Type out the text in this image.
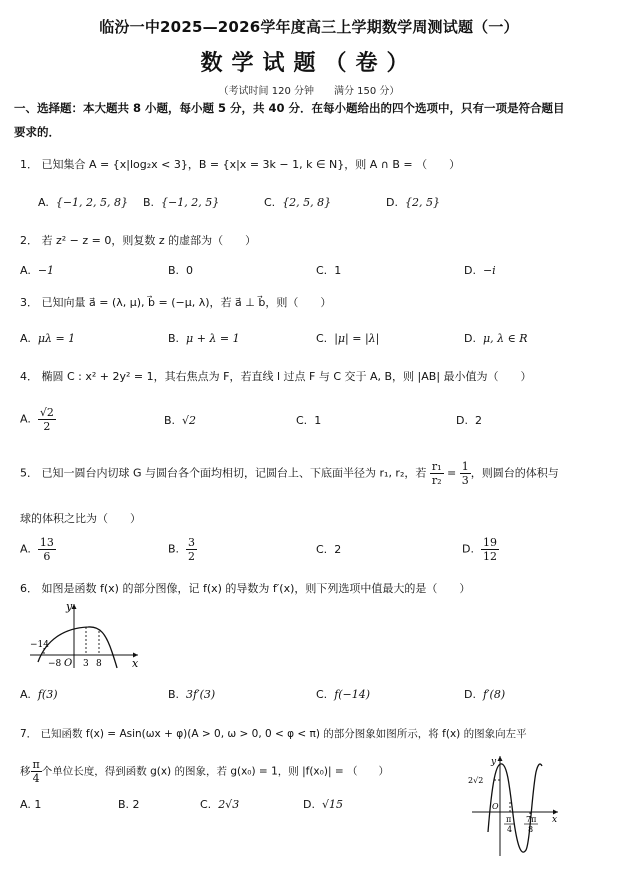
临汾一中2025—2026学年度高三上学期数学周测试题（一）
数学试题（卷）
（考试时间 120 分钟　　满分 150 分）
一、选择题：本大题共 8 小题，每小题 5 分，共 40 分．在每小题给出的四个选项中，只有一项是符合题目
要求的．
1． 已知集合 A = {x|log₂x < 3}，B = {x|x = 3k − 1, k ∈ N}，则 A ∩ B = （　　）
A. {−1, 2, 5, 8} B. {−1, 2, 5}	C. {2, 5, 8}	D. {2, 5}
2． 若 z² − z = 0，则复数 z 的虚部为（　　）
A. −1	B. 0	C. 1	D. −i
3． 已知向量 a⃗ = (λ, μ), b⃗ = (−μ, λ)，若 a⃗ ⊥ b⃗，则（　　）
A. μλ = 1	B. μ + λ = 1	C. |μ| = |λ|	D. μ, λ ∈ R
4． 椭圆 C : x² + 2y² = 1，其右焦点为 F，若直线 l 过点 F 与 C 交于 A, B，则 |AB| 最小值为（　　）
A. $\frac{√2}{2}$	B. √2	C. 1	D. 2
5． 已知一圆台内切球 G 与圆台各个面均相切，记圆台上、下底面半径为 r₁, r₂，若 $\frac{\text{r₁}}{\text{r₂}} = \frac{1}{3}$ ，则圆台的体积与
球的体积之比为（　　）
A. $\frac{13}{6}$	B. $\frac{3}{2}$	C. 2	D. $\frac{19}{12}$
6． 如图是函数 f(x) 的部分图像，记 f(x) 的导数为 f′(x)，则下列选项中值最大的是（　　）
y
x
O
−14
−8 3 8
A. f(3)	B. 3f′(3)	C. f(−14)	D. f′(8)
7． 已知函数 f(x) = Asin(ωx + φ)(A > 0, ω > 0, 0 < φ < π) 的部分图象如图所示，将 f(x) 的图象向左平
移 $\frac{\pi}{4}$ 个单位长度，得到函数 g(x) 的图象，若 g(x₀) = 1，则 |f(x₀)| = （　　）
A. 1	B. 2	C. 2√3	D. √15
y
x
O
2√2
π
4
7π
8
